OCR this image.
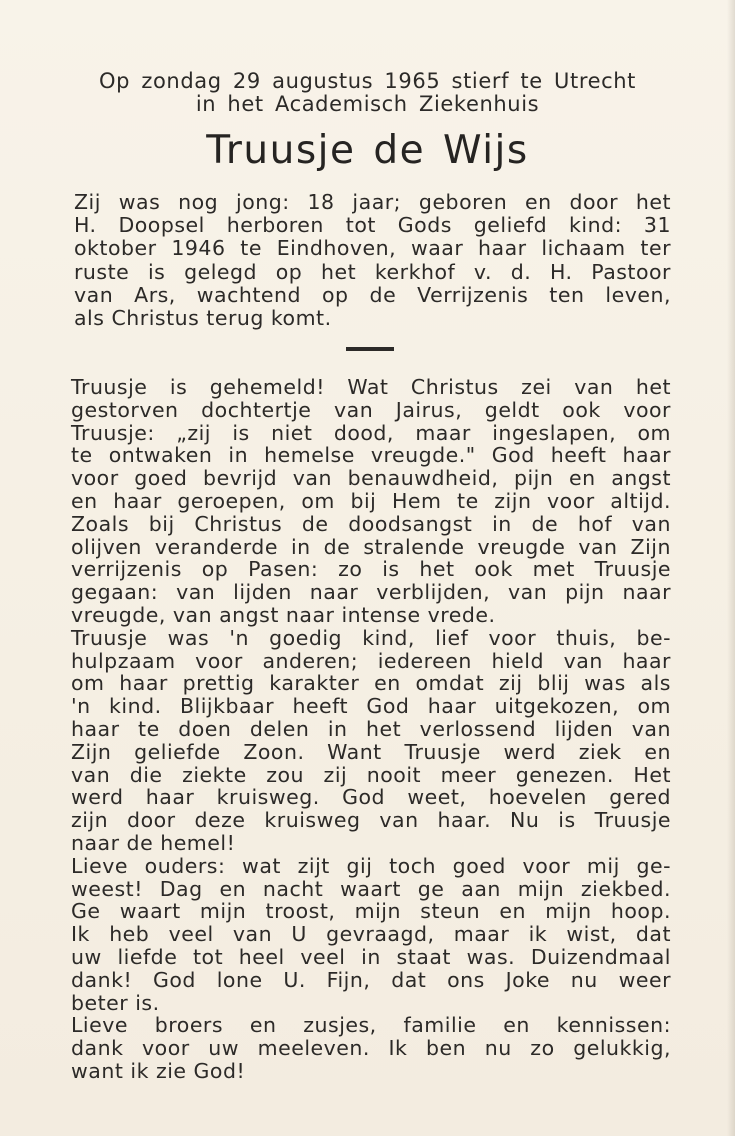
Op zondag 29 augustus 1965 stierf te Utrecht
in het Academisch Ziekenhuis
Truusje de Wijs
Zij was nog jong: 18 jaar; geboren en door het
H. Doopsel herboren tot Gods geliefd kind: 31
oktober 1946 te Eindhoven, waar haar lichaam ter
ruste is gelegd op het kerkhof v. d. H. Pastoor
van Ars, wachtend op de Verrijzenis ten leven,
als Christus terug komt.
Truusje is gehemeld! Wat Christus zei van het
gestorven dochtertje van Jairus, geldt ook voor
Truusje: „zij is niet dood, maar ingeslapen, om
te ontwaken in hemelse vreugde." God heeft haar
voor goed bevrijd van benauwdheid, pijn en angst
en haar geroepen, om bij Hem te zijn voor altijd.
Zoals bij Christus de doodsangst in de hof van
olijven veranderde in de stralende vreugde van Zijn
verrijzenis op Pasen: zo is het ook met Truusje
gegaan: van lijden naar verblijden, van pijn naar
vreugde, van angst naar intense vrede.
Truusje was 'n goedig kind, lief voor thuis, be-
hulpzaam voor anderen; iedereen hield van haar
om haar prettig karakter en omdat zij blij was als
'n kind. Blijkbaar heeft God haar uitgekozen, om
haar te doen delen in het verlossend lijden van
Zijn geliefde Zoon. Want Truusje werd ziek en
van die ziekte zou zij nooit meer genezen. Het
werd haar kruisweg. God weet, hoevelen gered
zijn door deze kruisweg van haar. Nu is Truusje
naar de hemel!
Lieve ouders: wat zijt gij toch goed voor mij ge-
weest! Dag en nacht waart ge aan mijn ziekbed.
Ge waart mijn troost, mijn steun en mijn hoop.
Ik heb veel van U gevraagd, maar ik wist, dat
uw liefde tot heel veel in staat was. Duizendmaal
dank! God lone U. Fijn, dat ons Joke nu weer
beter is.
Lieve broers en zusjes, familie en kennissen:
dank voor uw meeleven. Ik ben nu zo gelukkig,
want ik zie God!
